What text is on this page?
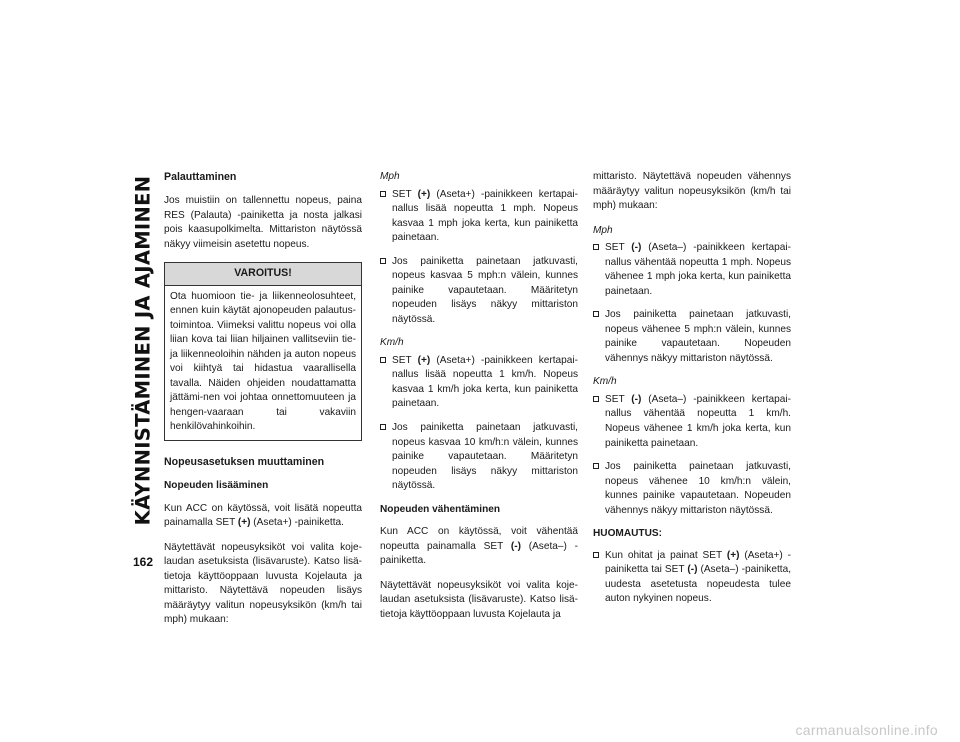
KÄYNNISTÄMINEN JA AJAMINEN
162
Palauttaminen

Jos muistiin on tallennettu nopeus, paina RES (Palauta) -painiketta ja nosta jalkasi pois kaasupolkimelta. Mittariston näytössä näkyy viimeisin asetettu nopeus.

VAROITUS!
Ota huomioon tie- ja liikenneolosuhteet, ennen kuin käytät ajonopeuden palautus-toimintoa. Viimeksi valittu nopeus voi olla liian kova tai liian hiljainen vallitseviin tie-ja liikenneoloihin nähden ja auton nopeus voi kiihtyä tai hidastua vaarallisella tavalla. Näiden ohjeiden noudattamatta jättämi-nen voi johtaa onnettomuuteen ja hengen-vaaraan tai vakaviin henkilövahinkoihin.
Nopeusasetuksen muuttaminen
Nopeuden lisääminen

Kun ACC on käytössä, voit lisätä nopeutta painamalla SET (+) (Aseta+) -painiketta.

Näytettävät nopeusyksiköt voi valita koje-laudan asetuksista (lisävaruste). Katso lisä-tietoja käyttöoppaan luvusta Kojelauta ja mittaristo. Näytettävä nopeuden lisäys määräytyy valitun nopeusyksikön (km/h tai mph) mukaan:

Mph
SET (+) (Aseta+) -painikkeen kertapai-nallus lisää nopeutta 1 mph. Nopeus kasvaa 1 mph joka kerta, kun painiketta painetaan.
Jos painiketta painetaan jatkuvasti, nopeus kasvaa 5 mph:n välein, kunnes painike vapautetaan. Määritetyn nopeuden lisäys näkyy mittariston näytössä.
Km/h
SET (+) (Aseta+) -painikkeen kertapai-nallus lisää nopeutta 1 km/h. Nopeus kasvaa 1 km/h joka kerta, kun painiketta painetaan.
Jos painiketta painetaan jatkuvasti, nopeus kasvaa 10 km/h:n välein, kunnes painike vapautetaan. Määritetyn nopeuden lisäys näkyy mittariston näytössä.
Nopeuden vähentäminen

Kun ACC on käytössä, voit vähentää nopeutta painamalla SET (-) (Aseta–) -painiketta.

Näytettävät nopeusyksiköt voi valita koje-laudan asetuksista (lisävaruste). Katso lisä-tietoja käyttöoppaan luvusta Kojelauta ja

mittaristo. Näytettävä nopeuden vähennys määräytyy valitun nopeusyksikön (km/h tai mph) mukaan:

Mph
SET (-) (Aseta–) -painikkeen kertapai-nallus vähentää nopeutta 1 mph. Nopeus vähenee 1 mph joka kerta, kun painiketta painetaan.
Jos painiketta painetaan jatkuvasti, nopeus vähenee 5 mph:n välein, kunnes painike vapautetaan. Nopeuden vähennys näkyy mittariston näytössä.
Km/h
SET (-) (Aseta–) -painikkeen kertapai-nallus vähentää nopeutta 1 km/h. Nopeus vähenee 1 km/h joka kerta, kun painiketta painetaan.
Jos painiketta painetaan jatkuvasti, nopeus vähenee 10 km/h:n välein, kunnes painike vapautetaan. Nopeuden vähennys näkyy mittariston näytössä.
HUOMAUTUS:
Kun ohitat ja painat SET (+) (Aseta+) -painiketta tai SET (-) (Aseta–) -painiketta, uudesta asetetusta nopeudesta tulee auton nykyinen nopeus.
carmanualsonline.info
